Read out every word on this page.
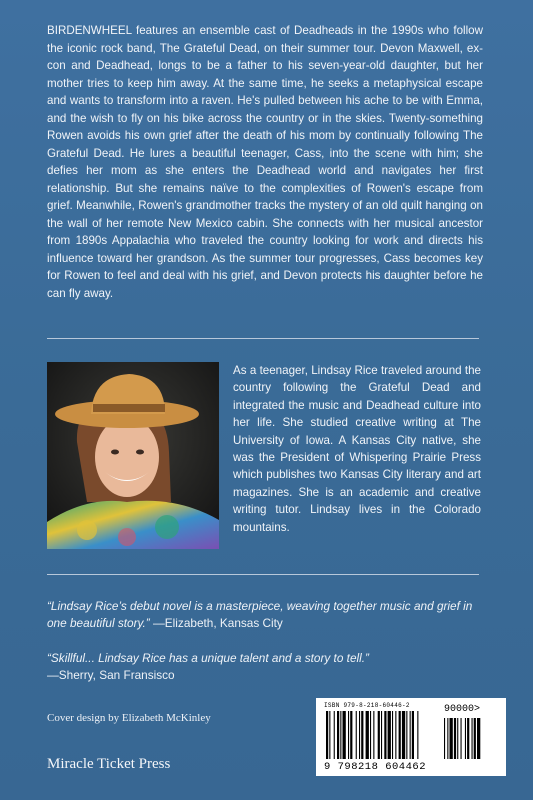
BIRDENWHEEL features an ensemble cast of Deadheads in the 1990s who follow the iconic rock band, The Grateful Dead, on their summer tour. Devon Maxwell, ex-con and Deadhead, longs to be a father to his seven-year-old daughter, but her mother tries to keep him away. At the same time, he seeks a metaphysical escape and wants to transform into a raven. He's pulled between his ache to be with Emma, and the wish to fly on his bike across the country or in the skies. Twenty-something Rowen avoids his own grief after the death of his mom by continually following The Grateful Dead. He lures a beautiful teenager, Cass, into the scene with him; she defies her mom as she enters the Deadhead world and navigates her first relationship. But she remains naïve to the complexities of Rowen's escape from grief. Meanwhile, Rowen's grandmother tracks the mystery of an old quilt hanging on the wall of her remote New Mexico cabin. She connects with her musical ancestor from 1890s Appalachia who traveled the country looking for work and directs his influence toward her grandson. As the summer tour progresses, Cass becomes key for Rowen to feel and deal with his grief, and Devon protects his daughter before he can fly away.
As a teenager, Lindsay Rice traveled around the country following the Grateful Dead and integrated the music and Deadhead culture into her life. She studied creative writing at The University of Iowa. A Kansas City native, she was the President of Whispering Prairie Press which publishes two Kansas City literary and art magazines. She is an academic and creative writing tutor. Lindsay lives in the Colorado mountains.
“Lindsay Rice’s debut novel is a masterpiece, weaving together music and grief in one beautiful story.” —Elizabeth, Kansas City
“Skillful... Lindsay Rice has a unique talent and a story to tell.”
—Sherry, San Fransisco
Cover design by Elizabeth McKinley
Miracle Ticket Press
ISBN 979-8-218-60446-2	90000>
9 798218 604462
